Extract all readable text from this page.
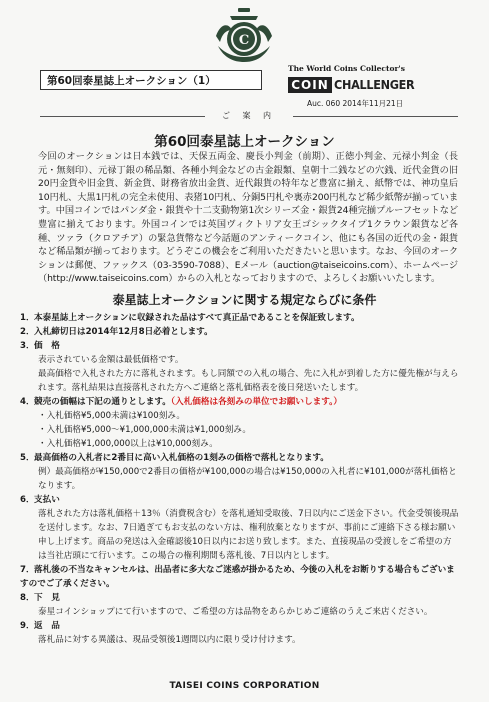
C
第60回泰星誌上オークション（1）
The World Coins Collector's
COIN CHALLENGER
Auc. 060 2014年11月21日
ご 案 内
第60回泰星誌上オークション
今回のオークションは日本銭では、天保五両金、慶長小判金（前期）、正徳小判金、元禄小判金（長元・無刻印）、元禄丁銀の稀品類、各種小判金などの古金銀類、皇朝十二銭などの穴銭、近代金貨の旧20円金貨や旧金貨、新金貨、財務省放出金貨、近代銀貨の特年など豊富に揃え、紙幣では、神功皇后10円札、大黒1円札の完全未使用、表猪10円札、分銅5円札や裏赤200円札など稀少紙幣が揃っています。中国コインではパンダ金・銀貨や十二支動物第1次シリーズ金・銀貨24種完揃プルーフセットなど豊富に揃えております。外国コインでは英国ヴィクトリア女王ゴシックタイプ1クラウン銀貨など各種、ツァラ（クロアチア）の緊急貨幣など今話題のアンティークコイン、他にも各国の近代の金・銀貨など稀品類が揃っております。どうぞこの機会をご利用いただきたいと思います。なお、今回のオークションは郵便、ファックス（03-3590-7088）、Eメール（auction@taiseicoins.com）、ホームページ（http://www.taiseicoins.com）からの入札となっておりますので、よろしくお願いいたします。
泰星誌上オークションに関する規定ならびに条件
1．本泰星誌上オークションに収録された品はすべて真正品であることを保証致します。
2．入札締切日は2014年12月8日必着とします。
3．価　格

表示されている金額は最低価格です。

最高価格で入札された方に落札されます。もし同額での入札の場合、先に入札が到着した方に優先権が与えられます。落札結果は直接落札された方へご連絡と落札価格表を後日発送いたします。

4．競売の価幅は下記の通りとします。（入札価格は各刻みの単位でお願いします。）

・入札価格¥5,000未満は¥100刻み。

・入札価格¥5,000～¥1,000,000未満は¥1,000刻み。

・入札価格¥1,000,000以上は¥10,000刻み。

5．最高価格の入札者に2番目に高い入札価格の1刻みの価格で落札となります。

例）最高価格が¥150,000で2番目の価格が¥100,000の場合は¥150,000の入札者に¥101,000が落札価格となります。

6．支払い

落札された方は落札価格＋13％（消費税含む）を落札通知受取後、7日以内にご送金下さい。代金受領後現品を送付します。なお、7日過ぎてもお支払のない方は、権利放棄となりますが、事前にご連絡下さる様お願い申し上げます。商品の発送は入金確認後10日以内にお送り致します。また、直接現品の受渡しをご希望の方は当社店頭にて行います。この場合の権利期間も落札後、7日以内とします。

7．落札後の不当なキャンセルは、出品者に多大なご迷惑が掛かるため、今後の入札をお断りする場合もございますのでご了承ください。
8．下　見

泰星コインショップにて行いますので、ご希望の方は品物をあらかじめご連絡のうえご来店ください。

9．返　品

落札品に対する異議は、現品受領後1週間以内に限り受け付けます。

TAISEI COINS CORPORATION
